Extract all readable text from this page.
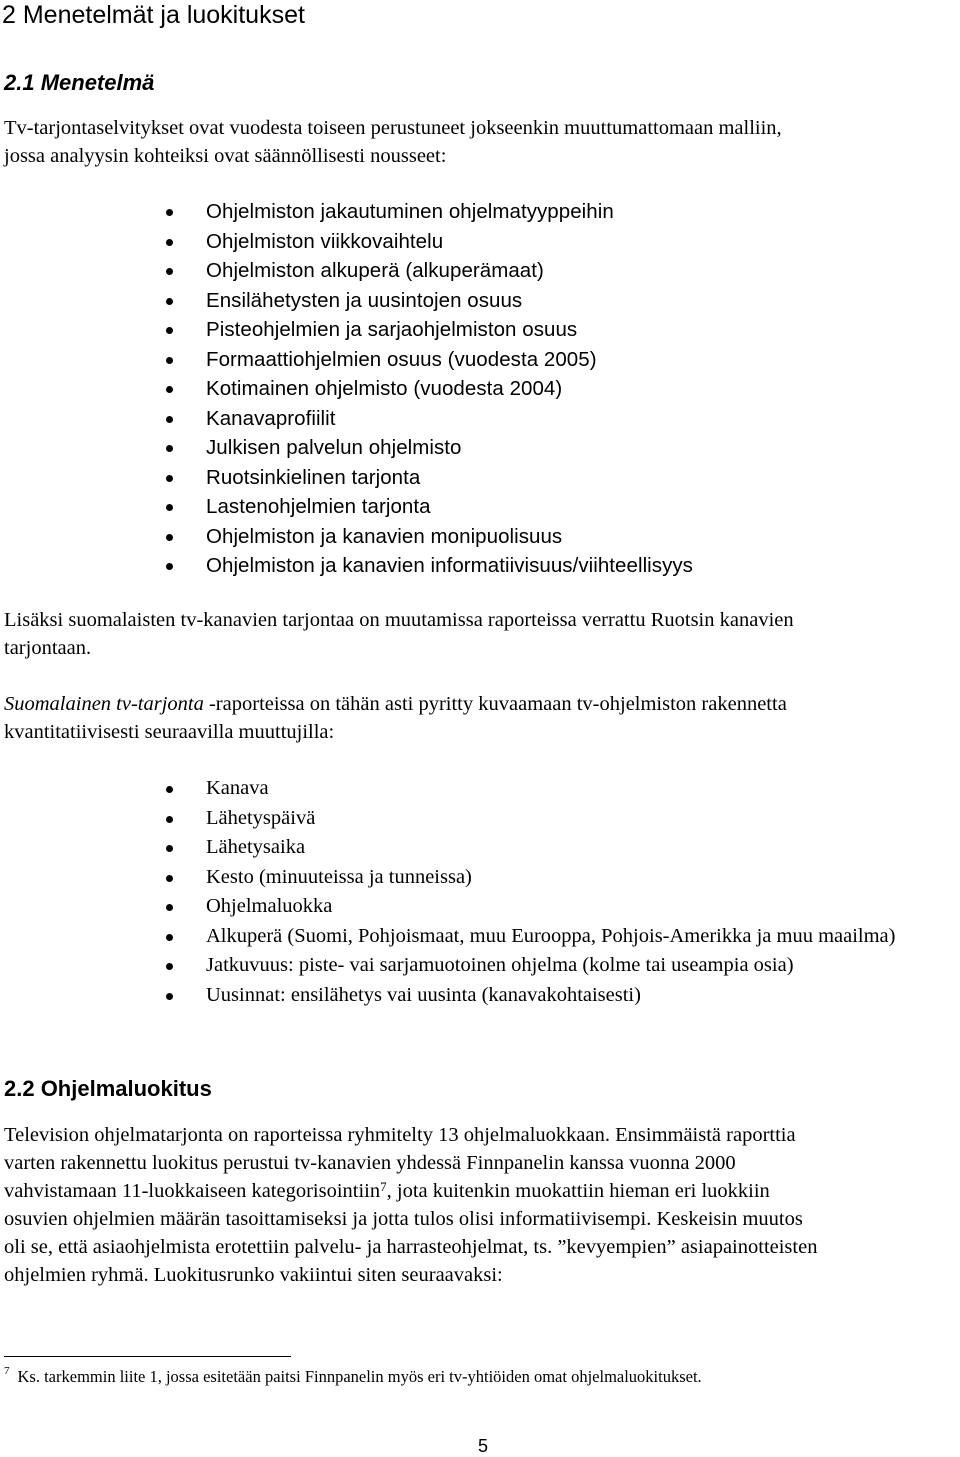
2 Menetelmät ja luokitukset
2.1 Menetelmä
Tv-tarjontaselvitykset ovat vuodesta toiseen perustuneet jokseenkin muuttumattomaan malliin,
jossa analyysin kohteiksi ovat säännöllisesti nousseet:
Ohjelmiston jakautuminen ohjelmatyyppeihin
Ohjelmiston viikkovaihtelu
Ohjelmiston alkuperä (alkuperämaat)
Ensilähetysten ja uusintojen osuus
Pisteohjelmien ja sarjaohjelmiston osuus
Formaattiohjelmien osuus (vuodesta 2005)
Kotimainen ohjelmisto (vuodesta 2004)
Kanavaprofiilit
Julkisen palvelun ohjelmisto
Ruotsinkielinen tarjonta
Lastenohjelmien tarjonta
Ohjelmiston ja kanavien monipuolisuus
Ohjelmiston ja kanavien informatiivisuus/viihteellisyys
Lisäksi suomalaisten tv-kanavien tarjontaa on muutamissa raporteissa verrattu Ruotsin kanavien
tarjontaan.
Suomalainen tv-tarjonta -raporteissa on tähän asti pyritty kuvaamaan tv-ohjelmiston rakennetta
kvantitatiivisesti seuraavilla muuttujilla:
Kanava
Lähetyspäivä
Lähetysaika
Kesto (minuuteissa ja tunneissa)
Ohjelmaluokka
Alkuperä (Suomi, Pohjoismaat, muu Eurooppa, Pohjois-Amerikka ja muu maailma)
Jatkuvuus: piste- vai sarjamuotoinen ohjelma (kolme tai useampia osia)
Uusinnat: ensilähetys vai uusinta (kanavakohtaisesti)
2.2 Ohjelmaluokitus
Television ohjelmatarjonta on raporteissa ryhmitelty 13 ohjelmaluokkaan. Ensimmäistä raporttia
varten rakennettu luokitus perustui tv-kanavien yhdessä Finnpanelin kanssa vuonna 2000
vahvistamaan 11-luokkaiseen kategorisointiin$^7$, jota kuitenkin muokattiin hieman eri luokkiin
osuvien ohjelmien määrän tasoittamiseksi ja jotta tulos olisi informatiivisempi. Keskeisin muutos
oli se, että asiaohjelmista erotettiin palvelu- ja harrasteohjelmat, ts. ”kevyempien” asiapainotteisten
ohjelmien ryhmä. Luokitusrunko vakiintui siten seuraavaksi:
$^7$ Ks. tarkemmin liite 1, jossa esitetään paitsi Finnpanelin myös eri tv-yhtiöiden omat ohjelmaluokitukset.
5
